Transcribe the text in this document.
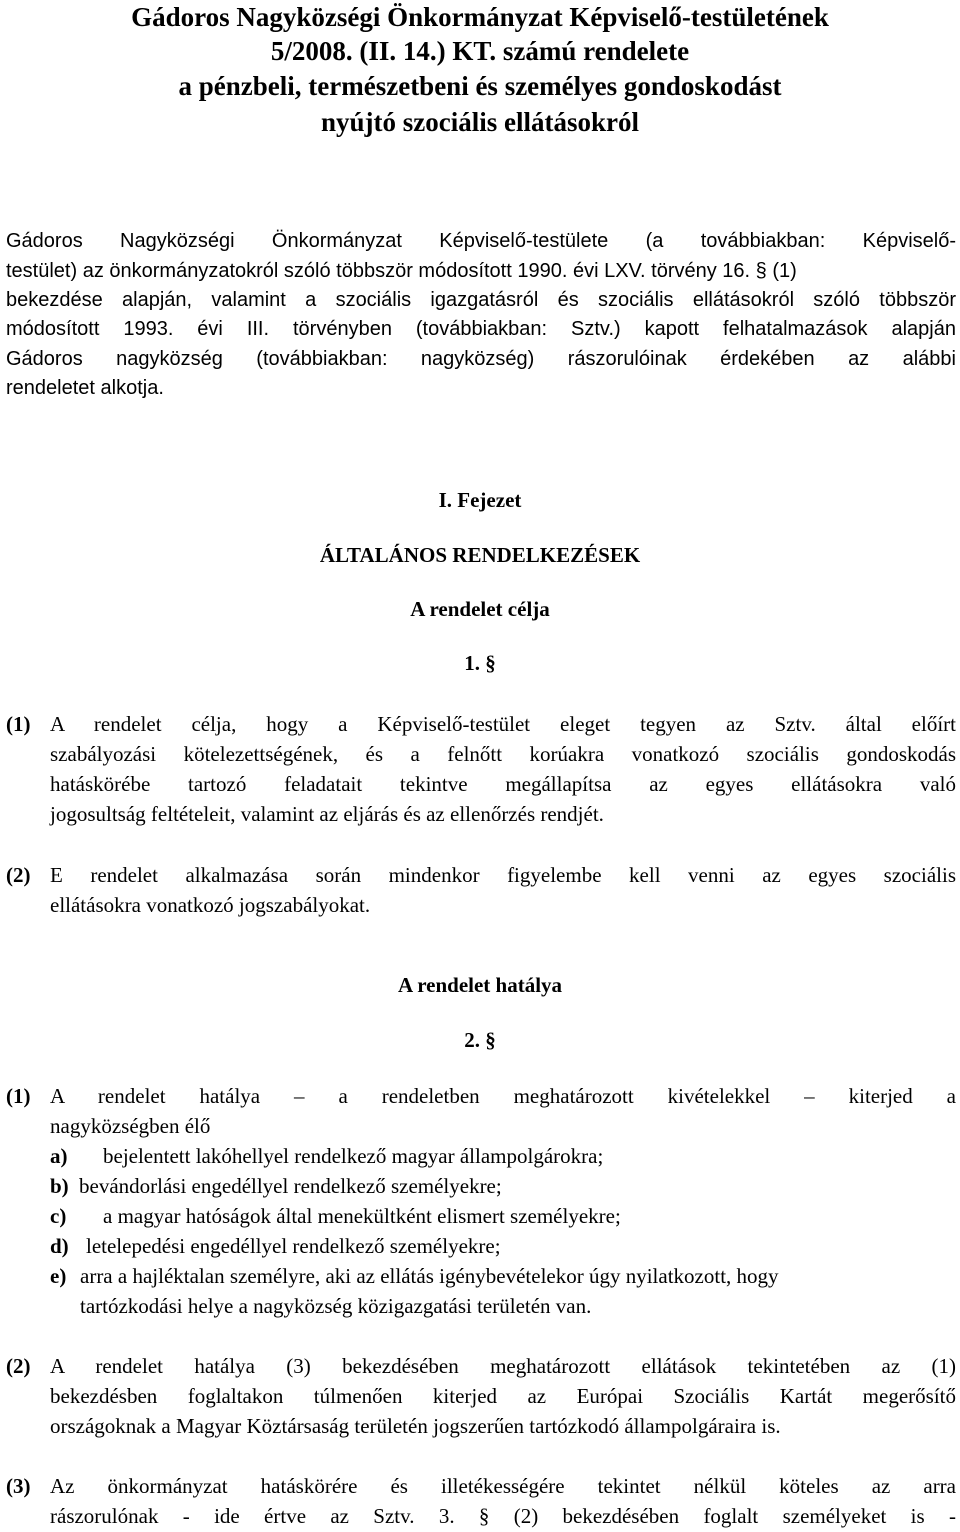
Gádoros Nagyközségi Önkormányzat Képviselő-testületének
5/2008. (II. 14.) KT. számú rendelete
a pénzbeli, természetbeni és személyes gondoskodást
nyújtó szociális ellátásokról
Gádoros Nagyközségi Önkormányzat Képviselő-testülete (a továbbiakban: Képviselő-
testület) az önkormányzatokról szóló többször módosított 1990. évi LXV. törvény 16. § (1)
bekezdése alapján, valamint a szociális igazgatásról és szociális ellátásokról szóló többször
módosított 1993. évi III. törvényben (továbbiakban: Sztv.) kapott felhatalmazások alapján
Gádoros nagyközség (továbbiakban: nagyközség) rászorulóinak érdekében az alábbi
rendeletet alkotja.
I. Fejezet
ÁLTALÁNOS RENDELKEZÉSEK
A rendelet célja
1. §
(1) A rendelet célja, hogy a Képviselő-testület eleget tegyen az Sztv. által előírt
szabályozási kötelezettségének, és a felnőtt korúakra vonatkozó szociális gondoskodás
hatáskörébe tartozó feladatait tekintve megállapítsa az egyes ellátásokra való
jogosultság feltételeit, valamint az eljárás és az ellenőrzés rendjét.
(2) E rendelet alkalmazása során mindenkor figyelembe kell venni az egyes szociális
ellátásokra vonatkozó jogszabályokat.
A rendelet hatálya
2. §
(1) A rendelet hatálya – a rendeletben meghatározott kivételekkel – kiterjed a
nagyközségben élő
a) bejelentett lakóhellyel rendelkező magyar állampolgárokra;
b) bevándorlási engedéllyel rendelkező személyekre;
c) a magyar hatóságok által menekültként elismert személyekre;
d) letelepedési engedéllyel rendelkező személyekre;
e) arra a hajléktalan személyre, aki az ellátás igénybevételekor úgy nyilatkozott, hogy
tartózkodási helye a nagyközség közigazgatási területén van.
(2) A rendelet hatálya (3) bekezdésében meghatározott ellátások tekintetében az (1)
bekezdésben foglaltakon túlmenően kiterjed az Európai Szociális Kartát megerősítő
országoknak a Magyar Köztársaság területén jogszerűen tartózkodó állampolgáraira is.
(3) Az önkormányzat hatáskörére és illetékességére tekintet nélkül köteles az arra
rászorulónak - ide értve az Sztv. 3. § (2) bekezdésében foglalt személyeket is -
